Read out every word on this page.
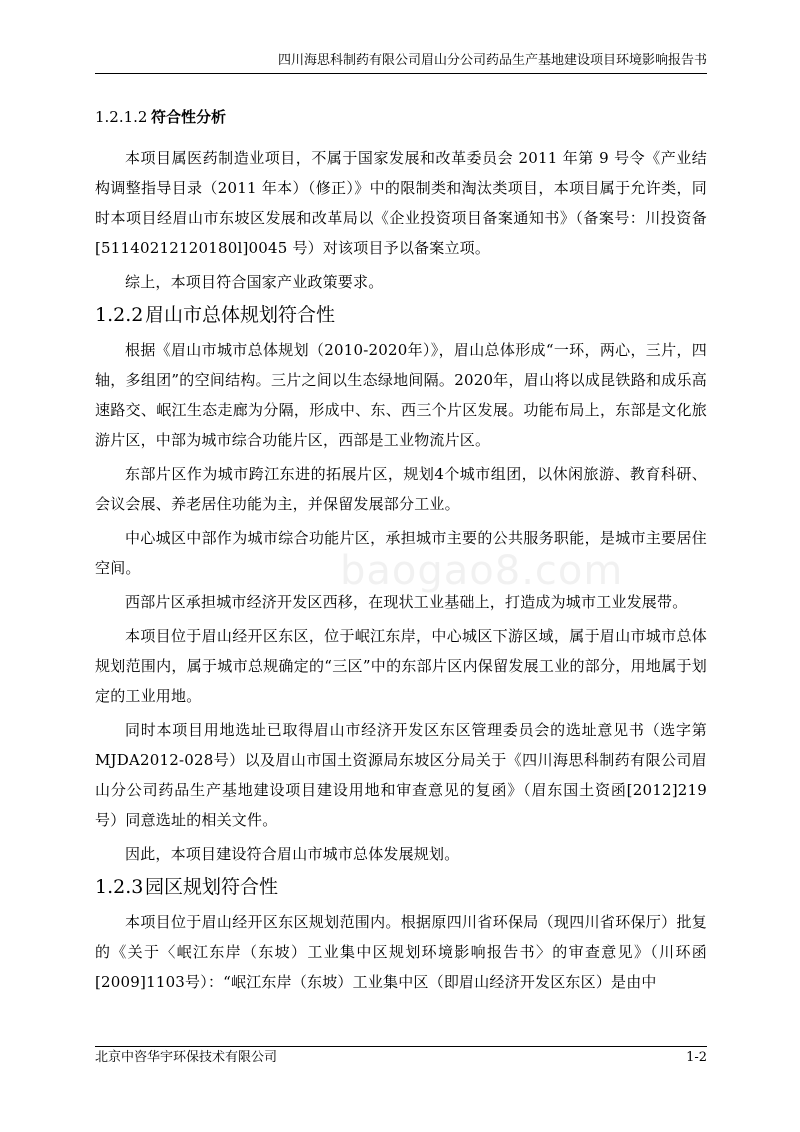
四川海思科制药有限公司眉山分公司药品生产基地建设项目环境影响报告书
baogao8.com
1.2.1.2 符合性分析

本项目属医药制造业项目，不属于国家发展和改革委员会 2011 年第 9 号令《产业结构调整指导目录（2011 年本）（修正）》中的限制类和淘汰类项目，本项目属于允许类，同时本项目经眉山市东坡区发展和改革局以《企业投资项目备案通知书》（备案号：川投资备[51140212120180l]0045 号）对该项目予以备案立项。

综上，本项目符合国家产业政策要求。

1.2.2眉山市总体规划符合性

根据《眉山市城市总体规划（2010-2020年）》，眉山总体形成“一环，两心，三片，四轴，多组团”的空间结构。三片之间以生态绿地间隔。2020年，眉山将以成昆铁路和成乐高速路交、岷江生态走廊为分隔，形成中、东、西三个片区发展。功能布局上，东部是文化旅游片区，中部为城市综合功能片区，西部是工业物流片区。

东部片区作为城市跨江东进的拓展片区，规划4个城市组团，以休闲旅游、教育科研、会议会展、养老居住功能为主，并保留发展部分工业。

中心城区中部作为城市综合功能片区，承担城市主要的公共服务职能，是城市主要居住空间。

西部片区承担城市经济开发区西移，在现状工业基础上，打造成为城市工业发展带。

本项目位于眉山经开区东区，位于岷江东岸，中心城区下游区域，属于眉山市城市总体规划范围内，属于城市总规确定的“三区”中的东部片区内保留发展工业的部分，用地属于划定的工业用地。

同时本项目用地选址已取得眉山市经济开发区东区管理委员会的选址意见书（选字第MJDA2012-028号）以及眉山市国土资源局东坡区分局关于《四川海思科制药有限公司眉山分公司药品生产基地建设项目建设用地和审查意见的复函》（眉东国土资函[2012]219号）同意选址的相关文件。

因此，本项目建设符合眉山市城市总体发展规划。

1.2.3园区规划符合性

本项目位于眉山经开区东区规划范围内。根据原四川省环保局（现四川省环保厅）批复的《关于〈岷江东岸（东坡）工业集中区规划环境影响报告书〉的审查意见》（川环函[2009]1103号）：“岷江东岸（东坡）工业集中区（即眉山经济开发区东区）是由中

北京中咨华宇环保技术有限公司	1-2
